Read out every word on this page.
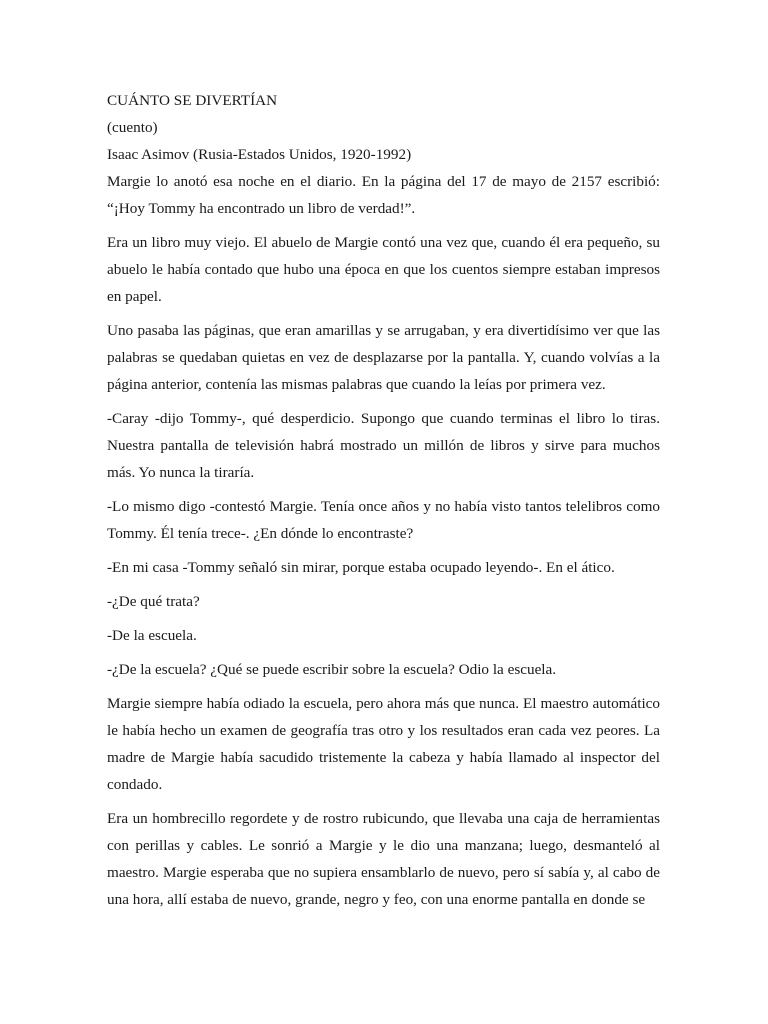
CUÁNTO SE DIVERTÍAN

(cuento)

Isaac Asimov (Rusia-Estados Unidos, 1920-1992)

Margie lo anotó esa noche en el diario. En la página del 17 de mayo de 2157 escribió: “¡Hoy Tommy ha encontrado un libro de verdad!”.

Era un libro muy viejo. El abuelo de Margie contó una vez que, cuando él era pequeño, su abuelo le había contado que hubo una época en que los cuentos siempre estaban impresos en papel.

Uno pasaba las páginas, que eran amarillas y se arrugaban, y era divertidísimo ver que las palabras se quedaban quietas en vez de desplazarse por la pantalla. Y, cuando volvías a la página anterior, contenía las mismas palabras que cuando la leías por primera vez.

-Caray -dijo Tommy-, qué desperdicio. Supongo que cuando terminas el libro lo tiras. Nuestra pantalla de televisión habrá mostrado un millón de libros y sirve para muchos más. Yo nunca la tiraría.

-Lo mismo digo -contestó Margie. Tenía once años y no había visto tantos telelibros como Tommy. Él tenía trece-. ¿En dónde lo encontraste?

-En mi casa -Tommy señaló sin mirar, porque estaba ocupado leyendo-. En el ático.

-¿De qué trata?

-De la escuela.

-¿De la escuela? ¿Qué se puede escribir sobre la escuela? Odio la escuela.

Margie siempre había odiado la escuela, pero ahora más que nunca. El maestro automático le había hecho un examen de geografía tras otro y los resultados eran cada vez peores. La madre de Margie había sacudido tristemente la cabeza y había llamado al inspector del condado.

Era un hombrecillo regordete y de rostro rubicundo, que llevaba una caja de herramientas con perillas y cables. Le sonrió a Margie y le dio una manzana; luego, desmanteló al maestro. Margie esperaba que no supiera ensamblarlo de nuevo, pero sí sabía y, al cabo de una hora, allí estaba de nuevo, grande, negro y feo, con una enorme pantalla en donde se
